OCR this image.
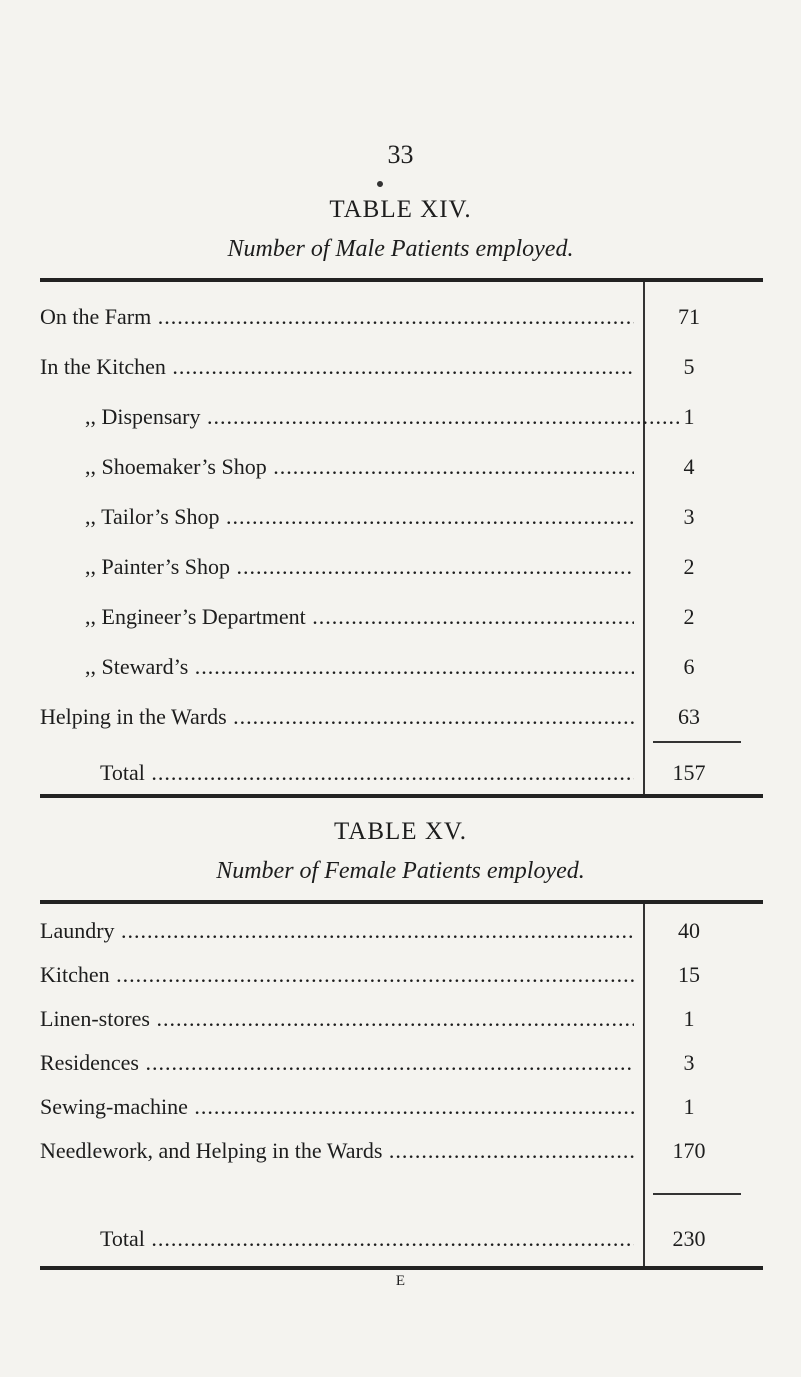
33
TABLE XIV.
Number of Male Patients employed.
On the Farm .....	71
In the Kitchen .....	5
,, Dispensary .....	1
,, Shoemaker’s Shop .....	4
,, Tailor’s Shop .....	3
,, Painter’s Shop .....	2
,, Engineer’s Department .....	2
,, Steward’s .....	6
Helping in the Wards .....	63
Total .....	157
TABLE XV.
Number of Female Patients employed.
Laundry .....	40
Kitchen .....	15
Linen-stores .....	1
Residences .....	3
Sewing-machine .....	1
Needlework, and Helping in the Wards .....	170
Total .....	230
E
